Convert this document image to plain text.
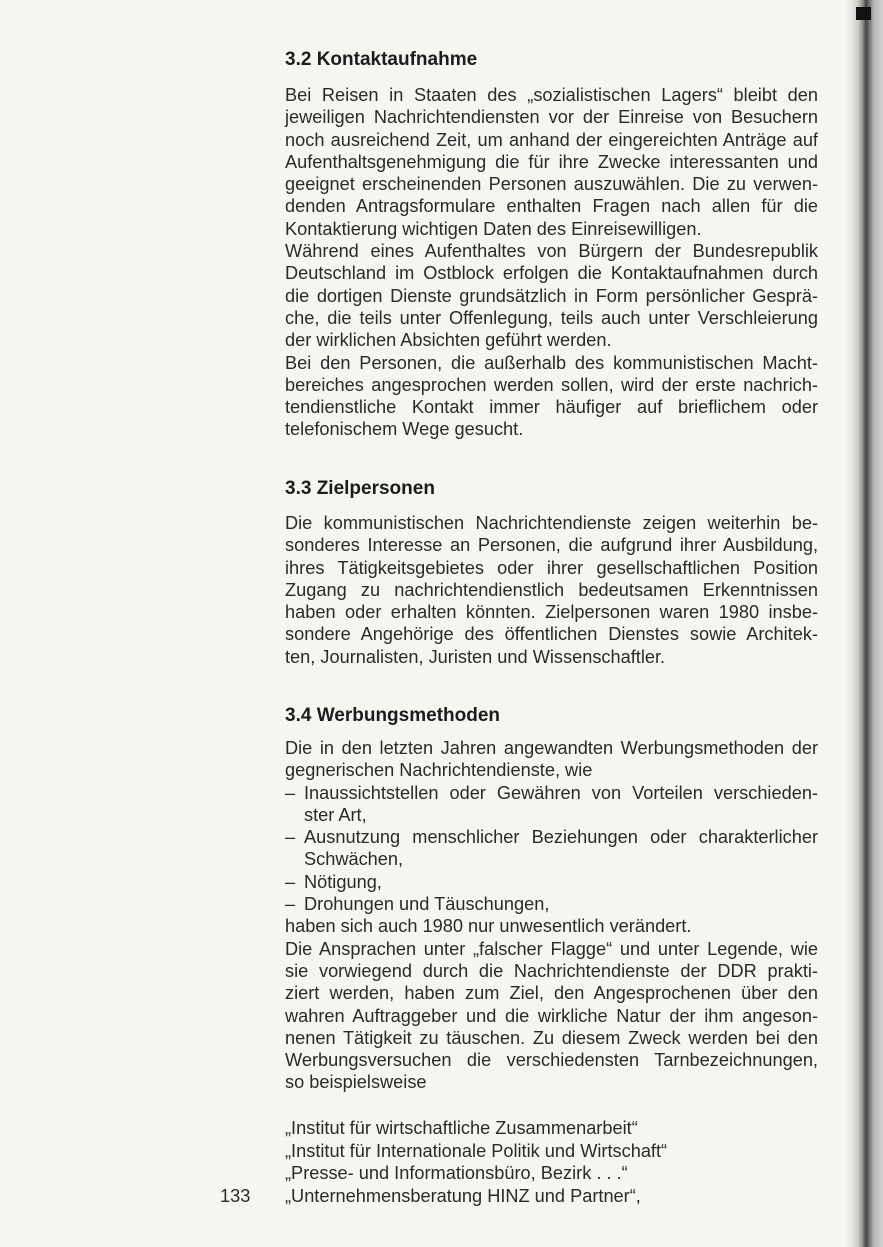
3.2 Kontaktaufnahme
Bei Reisen in Staaten des „sozialistischen Lagers“ bleibt den
jeweiligen Nachrichtendiensten vor der Einreise von Besuchern
noch ausreichend Zeit, um anhand der eingereichten Anträge auf
Aufenthaltsgenehmigung die für ihre Zwecke interessanten und
geeignet erscheinenden Personen auszuwählen. Die zu verwen-
denden Antragsformulare enthalten Fragen nach allen für die
Kontaktierung wichtigen Daten des Einreisewilligen.
Während eines Aufenthaltes von Bürgern der Bundesrepublik
Deutschland im Ostblock erfolgen die Kontaktaufnahmen durch
die dortigen Dienste grundsätzlich in Form persönlicher Gesprä-
che, die teils unter Offenlegung, teils auch unter Verschleierung
der wirklichen Absichten geführt werden.
Bei den Personen, die außerhalb des kommunistischen Macht-
bereiches angesprochen werden sollen, wird der erste nachrich-
tendienstliche Kontakt immer häufiger auf brieflichem oder
telefonischem Wege gesucht.
3.3 Zielpersonen
Die kommunistischen Nachrichtendienste zeigen weiterhin be-
sonderes Interesse an Personen, die aufgrund ihrer Ausbildung,
ihres Tätigkeitsgebietes oder ihrer gesellschaftlichen Position
Zugang zu nachrichtendienstlich bedeutsamen Erkenntnissen
haben oder erhalten könnten. Zielpersonen waren 1980 insbe-
sondere Angehörige des öffentlichen Dienstes sowie Architek-
ten, Journalisten, Juristen und Wissenschaftler.
3.4 Werbungsmethoden
Die in den letzten Jahren angewandten Werbungsmethoden der
gegnerischen Nachrichtendienste, wie
– Inaussichtstellen oder Gewähren von Vorteilen verschieden-
ster Art,
– Ausnutzung menschlicher Beziehungen oder charakterlicher
Schwächen,
– Nötigung,
– Drohungen und Täuschungen,
haben sich auch 1980 nur unwesentlich verändert.
Die Ansprachen unter „falscher Flagge“ und unter Legende, wie
sie vorwiegend durch die Nachrichtendienste der DDR prakti-
ziert werden, haben zum Ziel, den Angesprochenen über den
wahren Auftraggeber und die wirkliche Natur der ihm angeson-
nenen Tätigkeit zu täuschen. Zu diesem Zweck werden bei den
Werbungsversuchen die verschiedensten Tarnbezeichnungen,
so beispielsweise
„Institut für wirtschaftliche Zusammenarbeit“
„Institut für Internationale Politik und Wirtschaft“
„Presse- und Informationsbüro, Bezirk . . .“
„Unternehmensberatung HINZ und Partner“,
133
